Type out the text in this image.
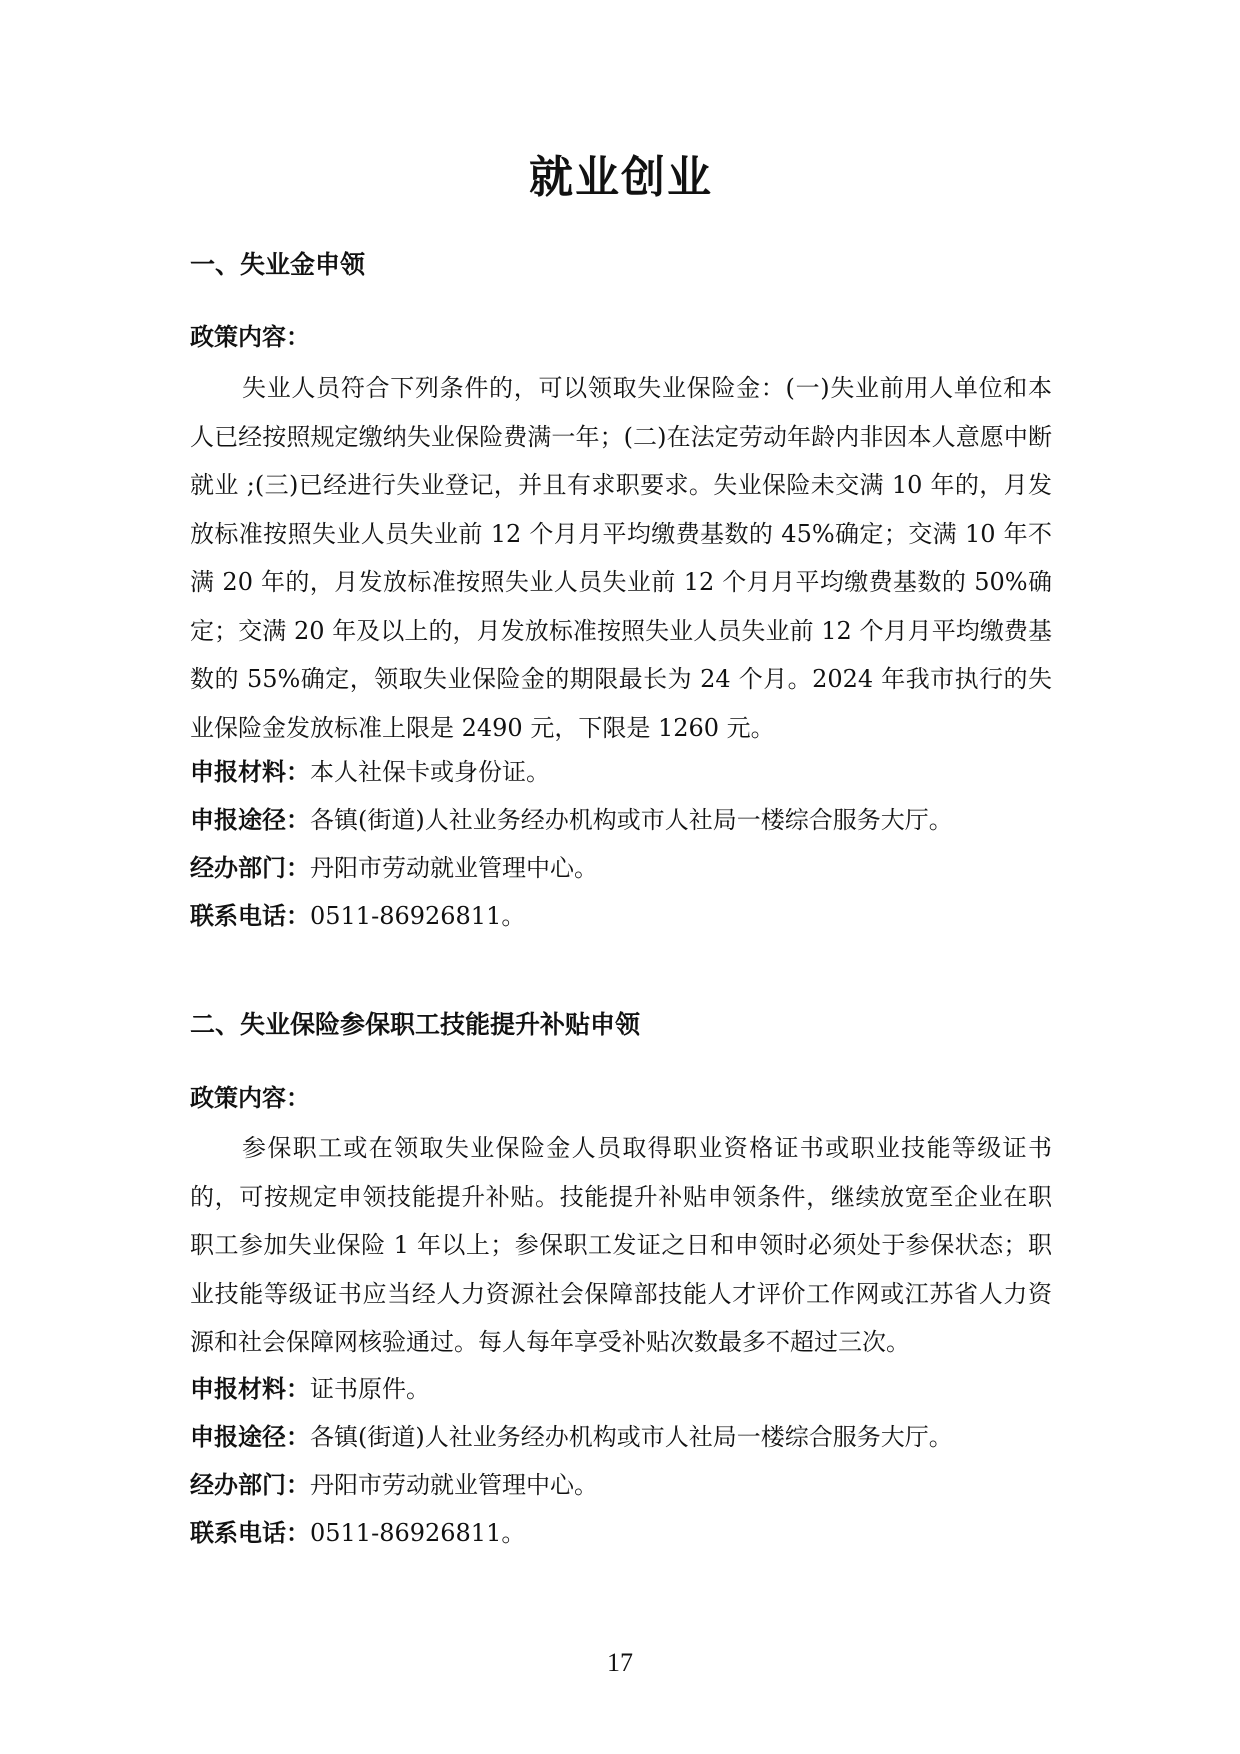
就业创业
一、失业金申领
政策内容：

失业人员符合下列条件的，可以领取失业保险金：(一)失业前用人单位和本人已经按照规定缴纳失业保险费满一年；(二)在法定劳动年龄内非因本人意愿中断就业 ;(三)已经进行失业登记，并且有求职要求。失业保险未交满 10 年的，月发放标准按照失业人员失业前 12 个月月平均缴费基数的 45%确定；交满 10 年不满 20 年的，月发放标准按照失业人员失业前 12 个月月平均缴费基数的 50%确定；交满 20 年及以上的，月发放标准按照失业人员失业前 12 个月月平均缴费基数的 55%确定，领取失业保险金的期限最长为 24 个月。2024 年我市执行的失业保险金发放标准上限是 2490 元，下限是 1260 元。

申报材料：本人社保卡或身份证。
申报途径：各镇(街道)人社业务经办机构或市人社局一楼综合服务大厅。
经办部门：丹阳市劳动就业管理中心。
联系电话：0511-86926811。
二、失业保险参保职工技能提升补贴申领
政策内容：

参保职工或在领取失业保险金人员取得职业资格证书或职业技能等级证书的，可按规定申领技能提升补贴。技能提升补贴申领条件，继续放宽至企业在职职工参加失业保险 1 年以上；参保职工发证之日和申领时必须处于参保状态；职业技能等级证书应当经人力资源社会保障部技能人才评价工作网或江苏省人力资源和社会保障网核验通过。每人每年享受补贴次数最多不超过三次。

申报材料：证书原件。
申报途径：各镇(街道)人社业务经办机构或市人社局一楼综合服务大厅。
经办部门：丹阳市劳动就业管理中心。
联系电话：0511-86926811。
17
